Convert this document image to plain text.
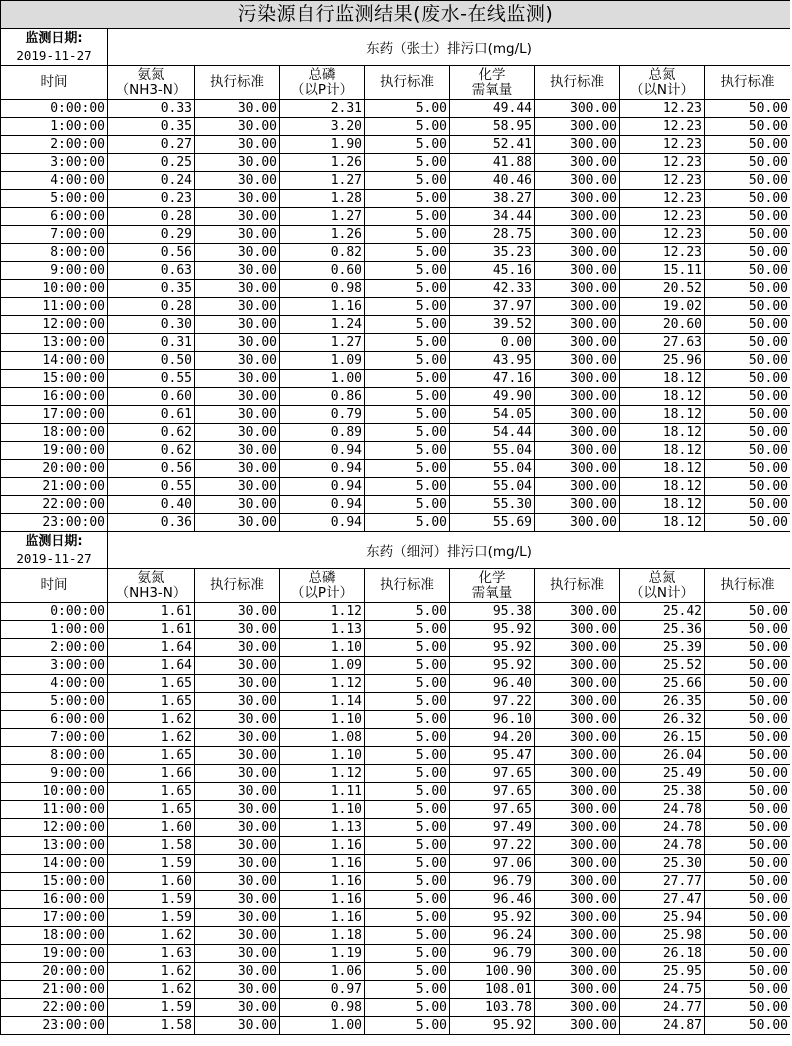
污染源自行监测结果(废水-在线监测)								

监测日期:
2019-11-27	东药（张士）排污口(mg/L)							

时间	氨氮
（NH3-N）	执行标准	总磷
（以P计）	执行标准	化学
需氧量	执行标准	总氮
（以N计）	执行标准

0:00:00	0.33	30.00	2.31	5.00	49.44	300.00	12.23	50.00
1:00:00	0.35	30.00	3.20	5.00	58.95	300.00	12.23	50.00
2:00:00	0.27	30.00	1.90	5.00	52.41	300.00	12.23	50.00
3:00:00	0.25	30.00	1.26	5.00	41.88	300.00	12.23	50.00
4:00:00	0.24	30.00	1.27	5.00	40.46	300.00	12.23	50.00
5:00:00	0.23	30.00	1.28	5.00	38.27	300.00	12.23	50.00
6:00:00	0.28	30.00	1.27	5.00	34.44	300.00	12.23	50.00
7:00:00	0.29	30.00	1.26	5.00	28.75	300.00	12.23	50.00
8:00:00	0.56	30.00	0.82	5.00	35.23	300.00	12.23	50.00
9:00:00	0.63	30.00	0.60	5.00	45.16	300.00	15.11	50.00
10:00:00	0.35	30.00	0.98	5.00	42.33	300.00	20.52	50.00
11:00:00	0.28	30.00	1.16	5.00	37.97	300.00	19.02	50.00
12:00:00	0.30	30.00	1.24	5.00	39.52	300.00	20.60	50.00
13:00:00	0.31	30.00	1.27	5.00	0.00	300.00	27.63	50.00
14:00:00	0.50	30.00	1.09	5.00	43.95	300.00	25.96	50.00
15:00:00	0.55	30.00	1.00	5.00	47.16	300.00	18.12	50.00
16:00:00	0.60	30.00	0.86	5.00	49.90	300.00	18.12	50.00
17:00:00	0.61	30.00	0.79	5.00	54.05	300.00	18.12	50.00
18:00:00	0.62	30.00	0.89	5.00	54.44	300.00	18.12	50.00
19:00:00	0.62	30.00	0.94	5.00	55.04	300.00	18.12	50.00
20:00:00	0.56	30.00	0.94	5.00	55.04	300.00	18.12	50.00
21:00:00	0.55	30.00	0.94	5.00	55.04	300.00	18.12	50.00
22:00:00	0.40	30.00	0.94	5.00	55.30	300.00	18.12	50.00
23:00:00	0.36	30.00	0.94	5.00	55.69	300.00	18.12	50.00

监测日期:
2019-11-27	东药（细河）排污口(mg/L)							

时间	氨氮
（NH3-N）	执行标准	总磷
（以P计）	执行标准	化学
需氧量	执行标准	总氮
（以N计）	执行标准

0:00:00	1.61	30.00	1.12	5.00	95.38	300.00	25.42	50.00
1:00:00	1.61	30.00	1.13	5.00	95.92	300.00	25.36	50.00
2:00:00	1.64	30.00	1.10	5.00	95.92	300.00	25.39	50.00
3:00:00	1.64	30.00	1.09	5.00	95.92	300.00	25.52	50.00
4:00:00	1.65	30.00	1.12	5.00	96.40	300.00	25.66	50.00
5:00:00	1.65	30.00	1.14	5.00	97.22	300.00	26.35	50.00
6:00:00	1.62	30.00	1.10	5.00	96.10	300.00	26.32	50.00
7:00:00	1.62	30.00	1.08	5.00	94.20	300.00	26.15	50.00
8:00:00	1.65	30.00	1.10	5.00	95.47	300.00	26.04	50.00
9:00:00	1.66	30.00	1.12	5.00	97.65	300.00	25.49	50.00
10:00:00	1.65	30.00	1.11	5.00	97.65	300.00	25.38	50.00
11:00:00	1.65	30.00	1.10	5.00	97.65	300.00	24.78	50.00
12:00:00	1.60	30.00	1.13	5.00	97.49	300.00	24.78	50.00
13:00:00	1.58	30.00	1.16	5.00	97.22	300.00	24.78	50.00
14:00:00	1.59	30.00	1.16	5.00	97.06	300.00	25.30	50.00
15:00:00	1.60	30.00	1.16	5.00	96.79	300.00	27.77	50.00
16:00:00	1.59	30.00	1.16	5.00	96.46	300.00	27.47	50.00
17:00:00	1.59	30.00	1.16	5.00	95.92	300.00	25.94	50.00
18:00:00	1.62	30.00	1.18	5.00	96.24	300.00	25.98	50.00
19:00:00	1.63	30.00	1.19	5.00	96.79	300.00	26.18	50.00
20:00:00	1.62	30.00	1.06	5.00	100.90	300.00	25.95	50.00
21:00:00	1.62	30.00	0.97	5.00	108.01	300.00	24.75	50.00
22:00:00	1.59	30.00	0.98	5.00	103.78	300.00	24.77	50.00
23:00:00	1.58	30.00	1.00	5.00	95.92	300.00	24.87	50.00
